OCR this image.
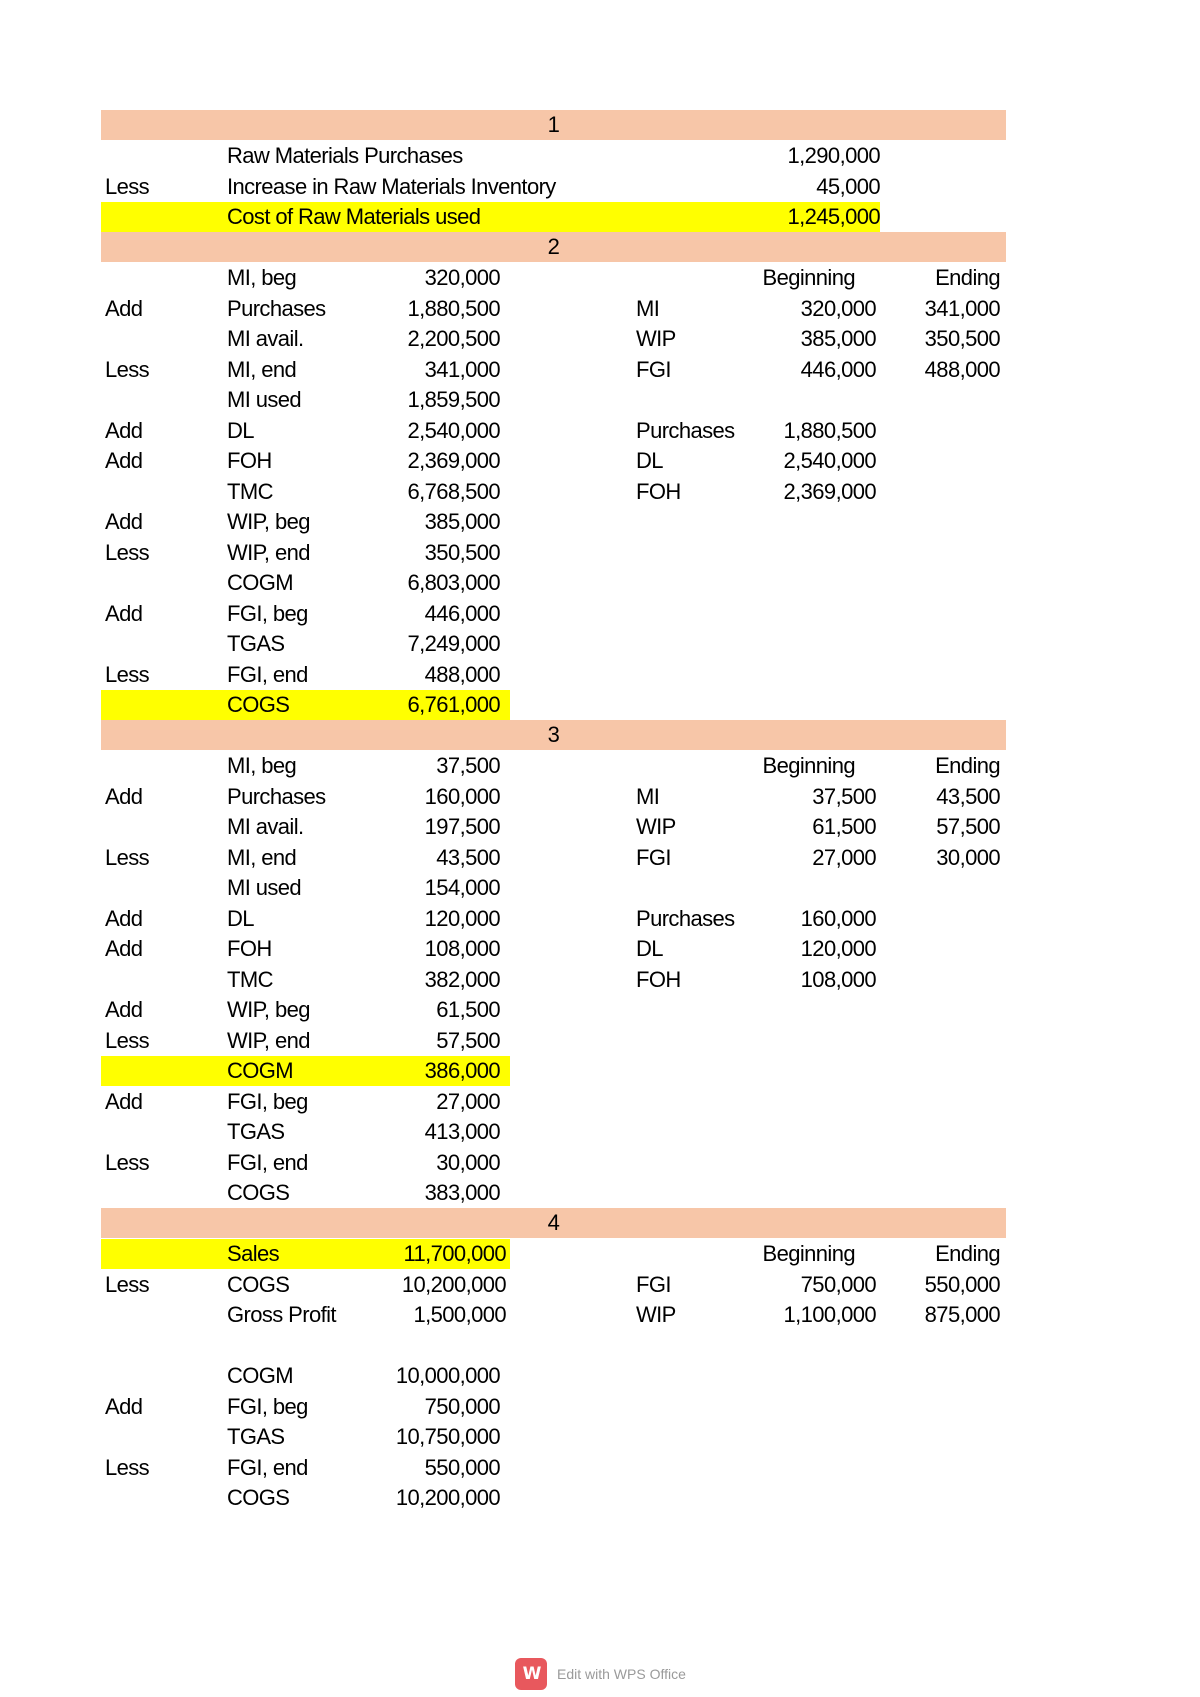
1
Raw Materials Purchases	1,290,000
Less	Increase in Raw Materials Inventory	45,000
Cost of Raw Materials used	1,245,000
2
MI, beg	320,000
Add	Purchases	1,880,500
MI avail.	2,200,500
Less	MI, end	341,000
MI used	1,859,500
Add	DL	2,540,000
Add	FOH	2,369,000
TMC	6,768,500
Add	WIP, beg	385,000
Less	WIP, end	350,500
COGM	6,803,000
Add	FGI, beg	446,000
TGAS	7,249,000
Less	FGI, end	488,000
COGS	6,761,000
Beginning	Ending
MI	320,000	341,000
WIP	385,000	350,500
FGI	446,000	488,000
Purchases	1,880,500
DL	2,540,000
FOH	2,369,000
3
MI, beg	37,500
Add	Purchases	160,000
MI avail.	197,500
Less	MI, end	43,500
MI used	154,000
Add	DL	120,000
Add	FOH	108,000
TMC	382,000
Add	WIP, beg	61,500
Less	WIP, end	57,500
COGM	386,000
Add	FGI, beg	27,000
TGAS	413,000
Less	FGI, end	30,000
COGS	383,000
Beginning	Ending
MI	37,500	43,500
WIP	61,500	57,500
FGI	27,000	30,000
Purchases	160,000
DL	120,000
FOH	108,000
4
Sales	11,700,000
Less	COGS	10,200,000
Gross Profit	1,500,000
COGM	10,000,000
Add	FGI, beg	750,000
TGAS	10,750,000
Less	FGI, end	550,000
COGS	10,200,000
Beginning	Ending
FGI	750,000	550,000
WIP	1,100,000	875,000
W	Edit with WPS Office
